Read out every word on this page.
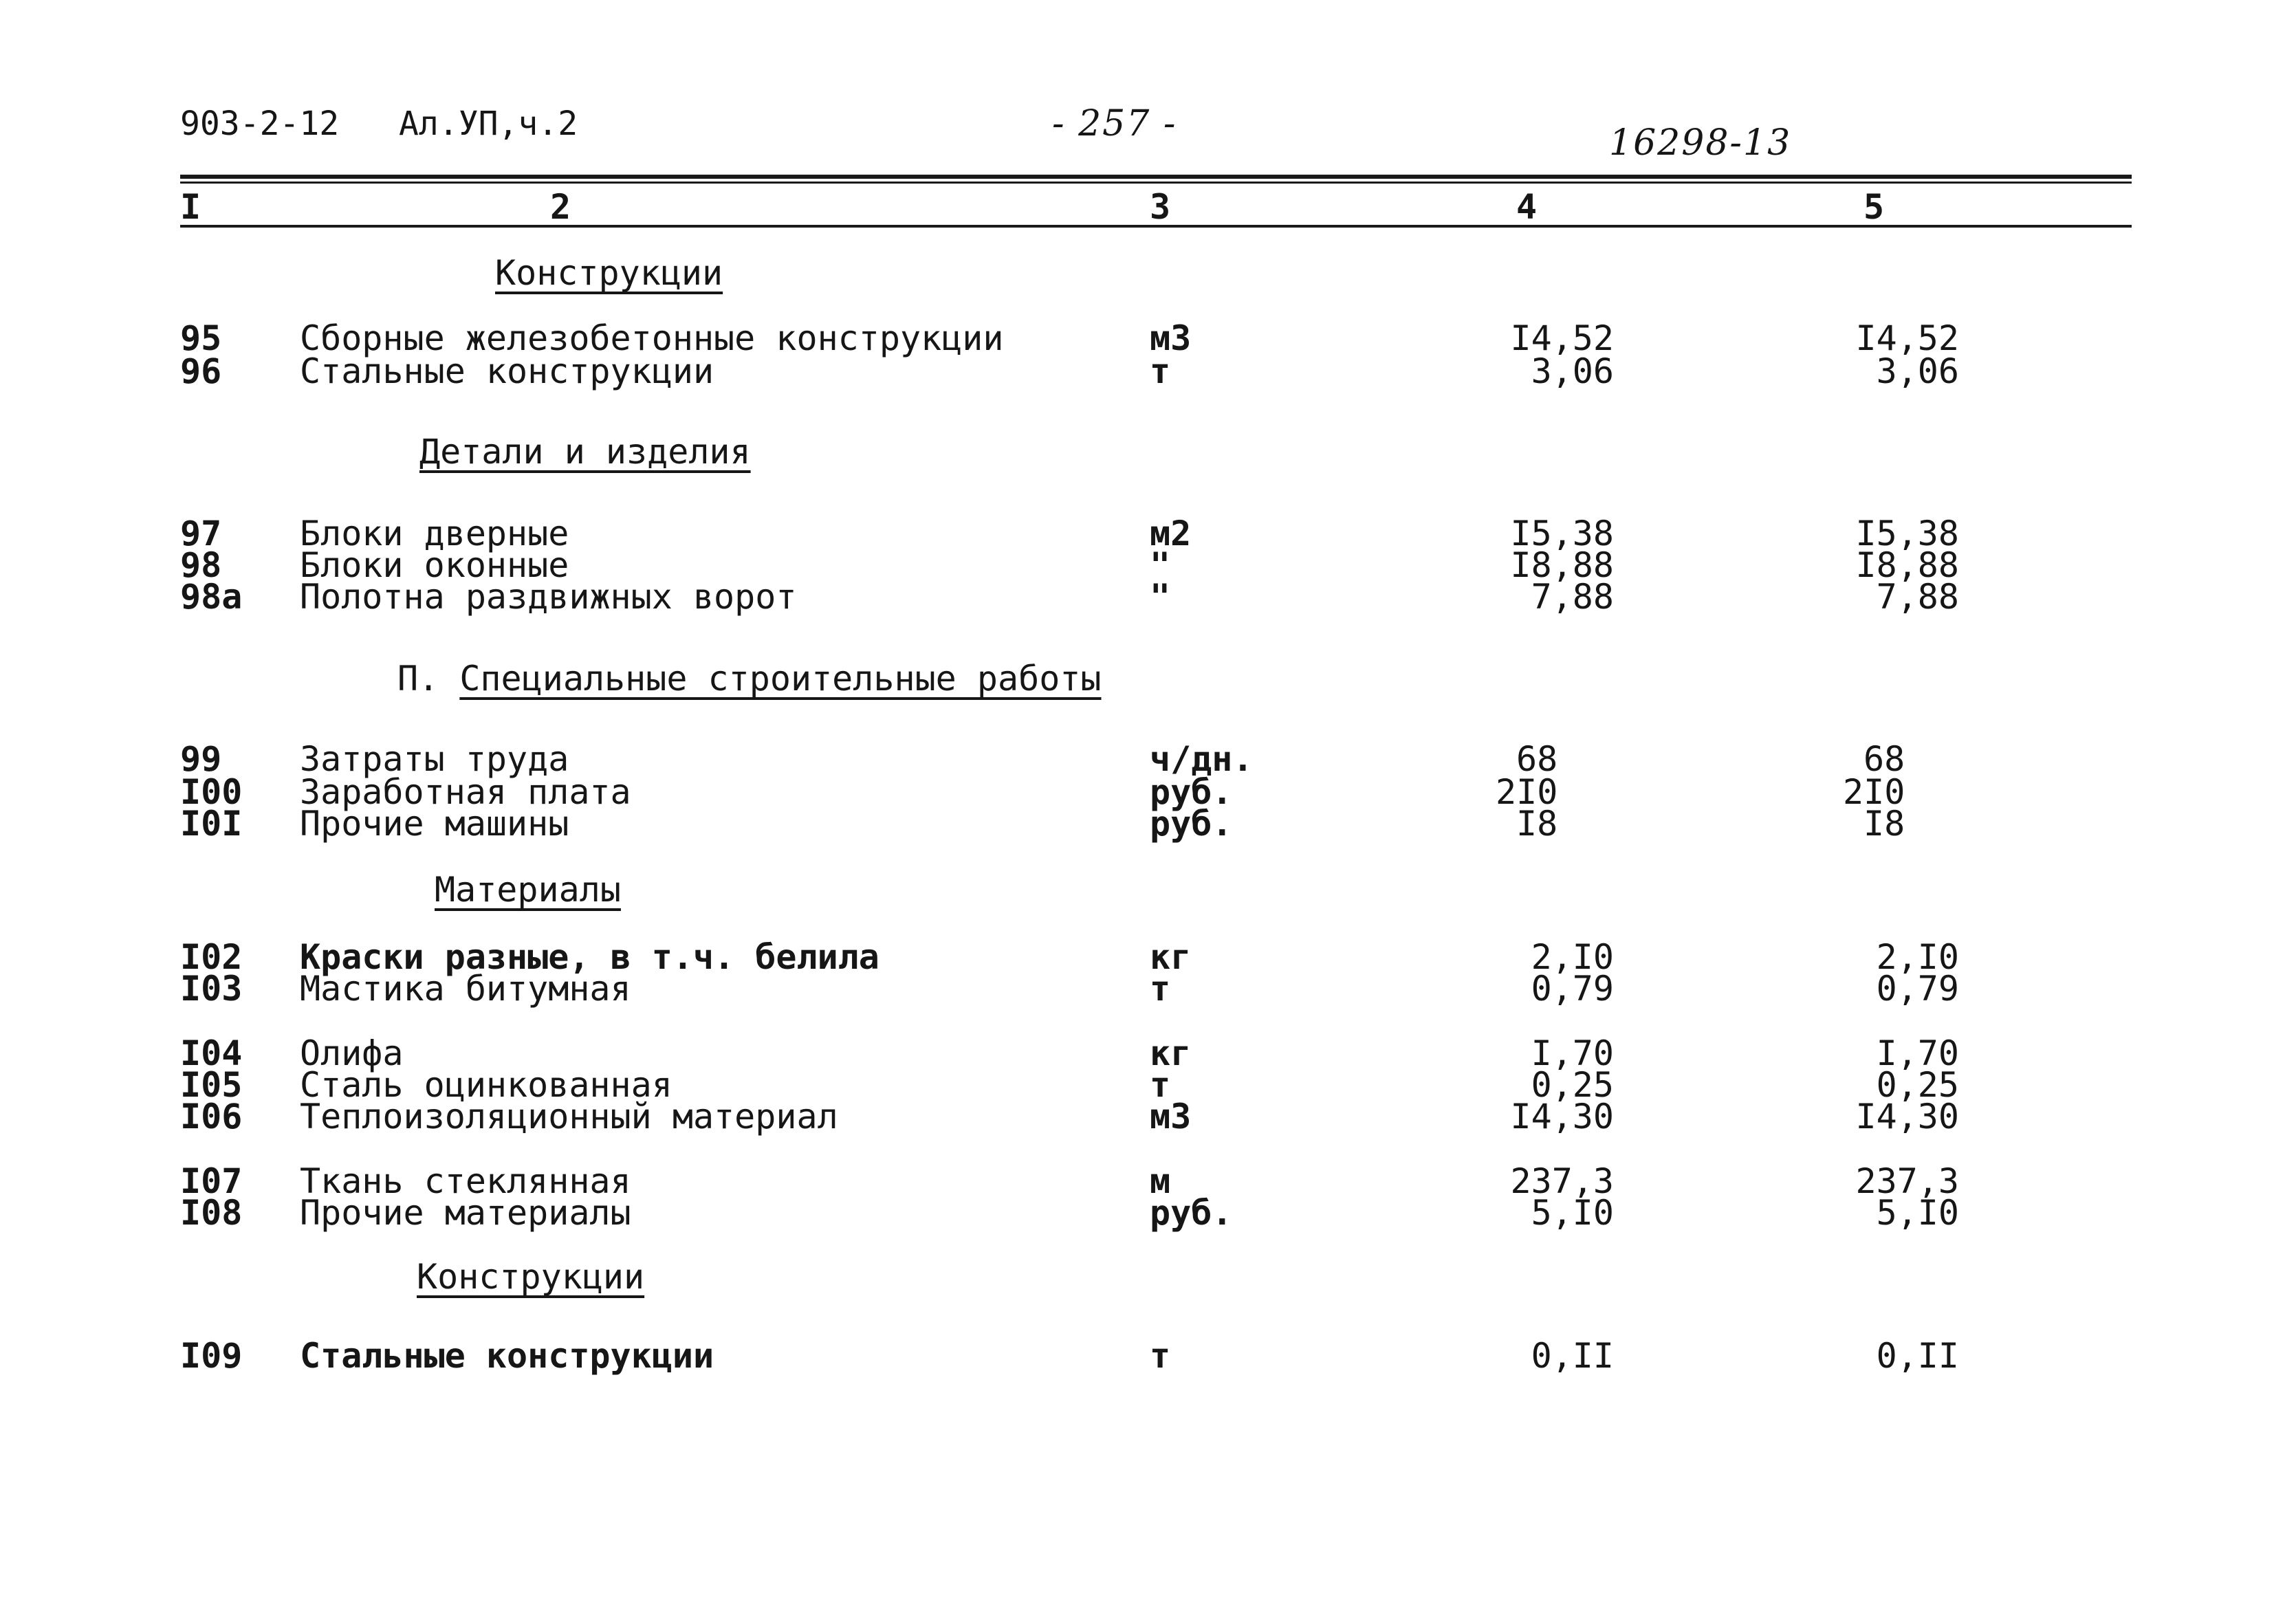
903-2-12 Ал.УП,ч.2	- 257 -	16298-13
I	2	3	4	5
Конструкции
Детали и изделия
П. Специальные строительные работы
Материалы
Конструкции
95 Сборные железобетонные конструкции	м3	I4,52	I4,52
96 Стальные конструкции	т	3,06	3,06
97 Блоки дверные	м2	I5,38	I5,38
98 Блоки оконные	"	I8,88	I8,88
98а Полотна раздвижных ворот	"	7,88	7,88
99 Затраты труда	ч/дн.	68	68
I00 Заработная плата	руб.	2I0	2I0
I0I Прочие машины	руб.	I8	I8
I02 Краски разные, в т.ч. белила	кг	2,I0	2,I0
I03 Мастика битумная	т	0,79	0,79
I04 Олифа	кг	I,70	I,70
I05 Сталь оцинкованная	т	0,25	0,25
I06 Теплоизоляционный материал	м3	I4,30	I4,30
I07 Ткань стеклянная	м	237,3	237,3
I08 Прочие материалы	руб.	5,I0	5,I0
I09 Стальные конструкции	т	0,II	0,II
